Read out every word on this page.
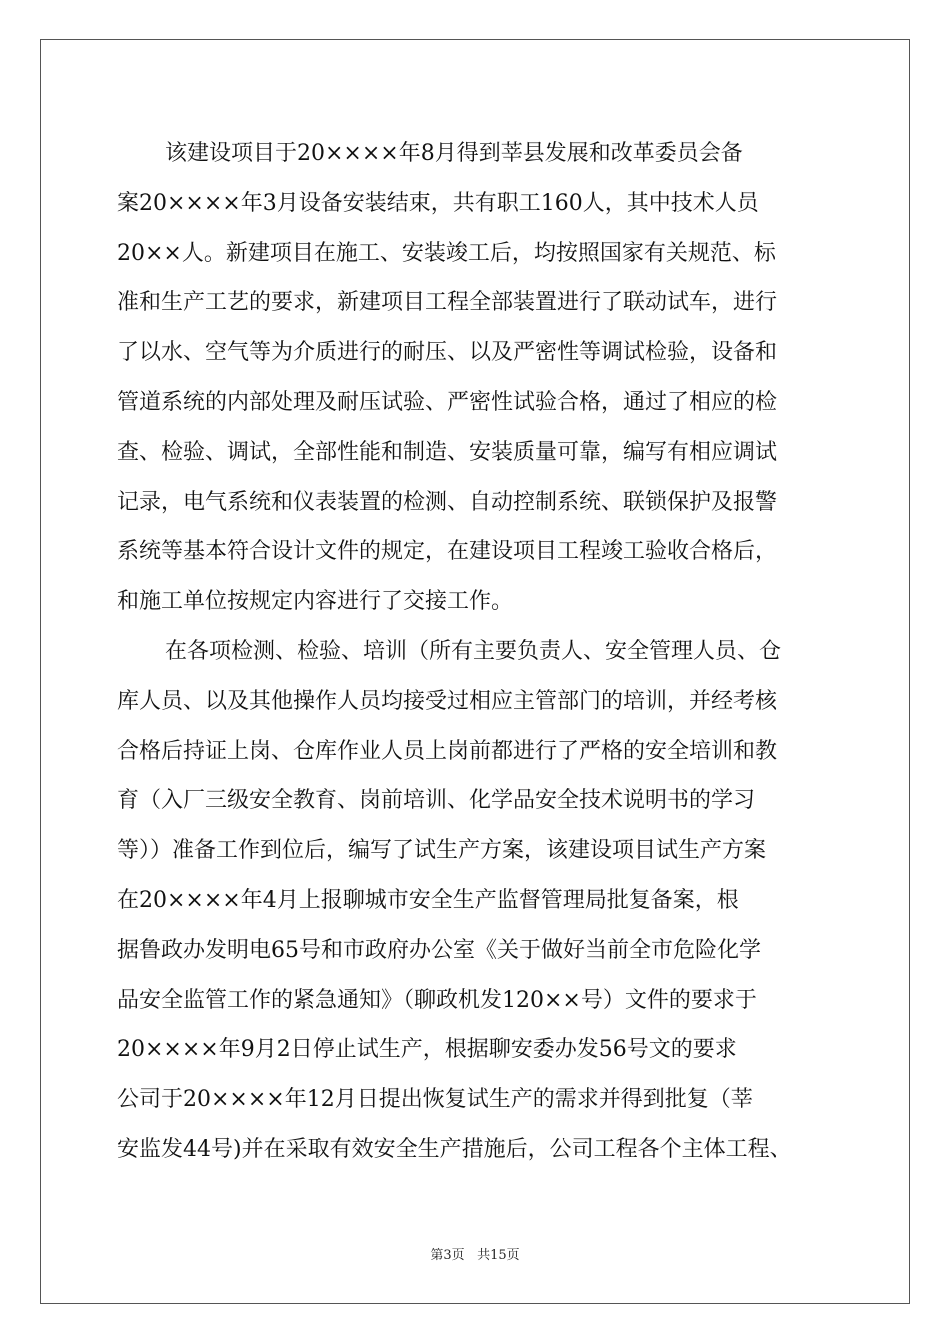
该建设项目于20××××年8月得到莘县发展和改革委员会备

案20××××年3月设备安装结束，共有职工160人，其中技术人员

20××人。新建项目在施工、安装竣工后，均按照国家有关规范、标

准和生产工艺的要求，新建项目工程全部装置进行了联动试车，进行

了以水、空气等为介质进行的耐压、以及严密性等调试检验，设备和

管道系统的内部处理及耐压试验、严密性试验合格，通过了相应的检

查、检验、调试，全部性能和制造、安装质量可靠，编写有相应调试

记录，电气系统和仪表装置的检测、自动控制系统、联锁保护及报警

系统等基本符合设计文件的规定，在建设项目工程竣工验收合格后，

和施工单位按规定内容进行了交接工作。

在各项检测、检验、培训（所有主要负责人、安全管理人员、仓

库人员、以及其他操作人员均接受过相应主管部门的培训，并经考核

合格后持证上岗、仓库作业人员上岗前都进行了严格的安全培训和教

育（入厂三级安全教育、岗前培训、化学品安全技术说明书的学习

等））准备工作到位后，编写了试生产方案，该建设项目试生产方案

在20××××年4月上报聊城市安全生产监督管理局批复备案，根

据鲁政办发明电65号和市政府办公室《关于做好当前全市危险化学

品安全监管工作的紧急通知》（聊政机发120××号）文件的要求于

20××××年9月2日停止试生产，根据聊安委办发56号文的要求

公司于20××××年12月日提出恢复试生产的需求并得到批复（莘

安监发44号)并在采取有效安全生产措施后，公司工程各个主体工程、

第3页 共15页
